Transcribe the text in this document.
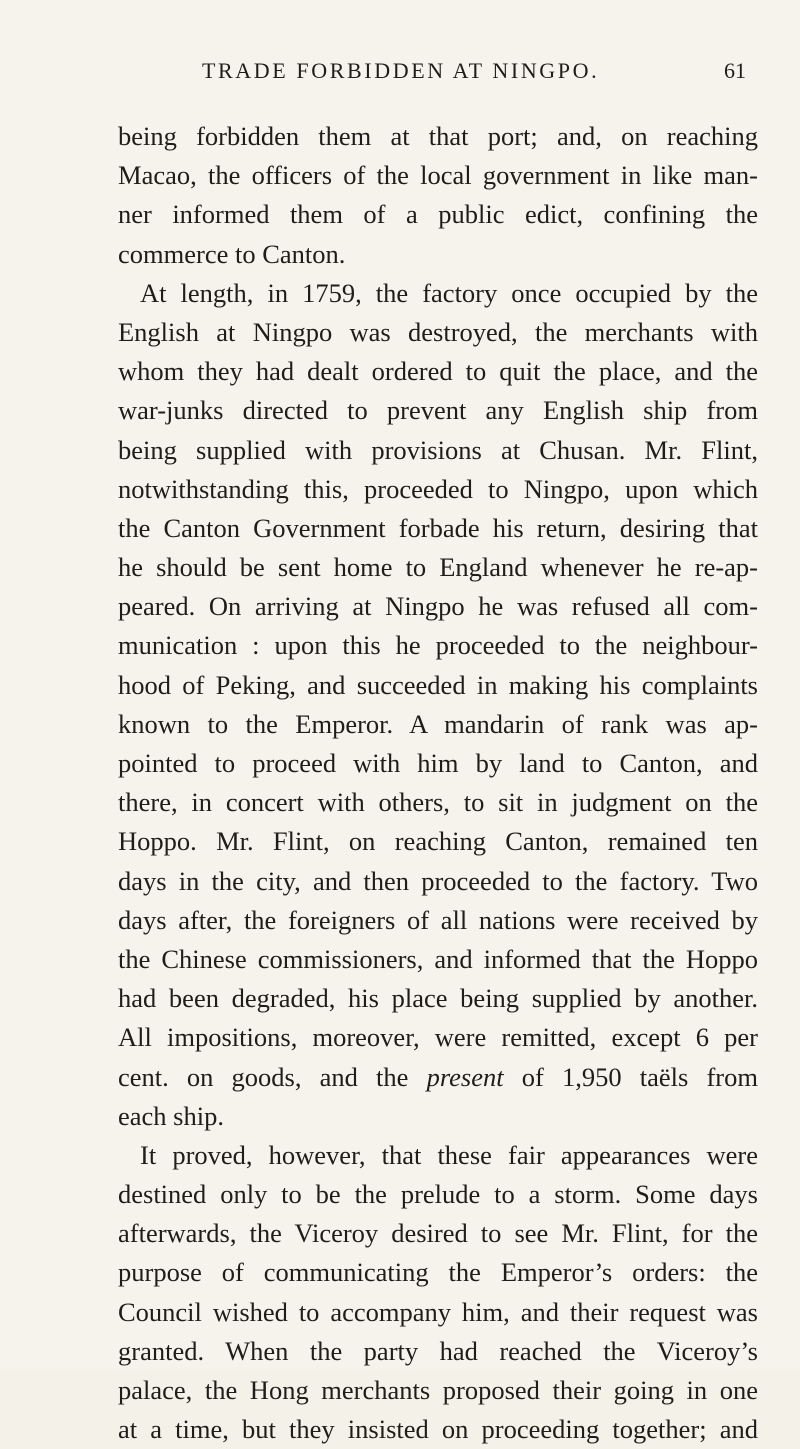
TRADE FORBIDDEN AT NINGPO.	61
being forbidden them at that port; and, on reaching
Macao, the officers of the local government in like man-
ner informed them of a public edict, confining the
commerce to Canton.
At length, in 1759, the factory once occupied by the
English at Ningpo was destroyed, the merchants with
whom they had dealt ordered to quit the place, and the
war-junks directed to prevent any English ship from
being supplied with provisions at Chusan. Mr. Flint,
notwithstanding this, proceeded to Ningpo, upon which
the Canton Government forbade his return, desiring that
he should be sent home to England whenever he re-ap-
peared. On arriving at Ningpo he was refused all com-
munication : upon this he proceeded to the neighbour-
hood of Peking, and succeeded in making his complaints
known to the Emperor. A mandarin of rank was ap-
pointed to proceed with him by land to Canton, and
there, in concert with others, to sit in judgment on the
Hoppo. Mr. Flint, on reaching Canton, remained ten
days in the city, and then proceeded to the factory. Two
days after, the foreigners of all nations were received by
the Chinese commissioners, and informed that the Hoppo
had been degraded, his place being supplied by another.
All impositions, moreover, were remitted, except 6 per
cent. on goods, and the present of 1,950 taëls from
each ship.
It proved, however, that these fair appearances were
destined only to be the prelude to a storm. Some days
afterwards, the Viceroy desired to see Mr. Flint, for the
purpose of communicating the Emperor’s orders: the
Council wished to accompany him, and their request was
granted. When the party had reached the Viceroy’s
palace, the Hong merchants proposed their going in one
at a time, but they insisted on proceeding together; and
